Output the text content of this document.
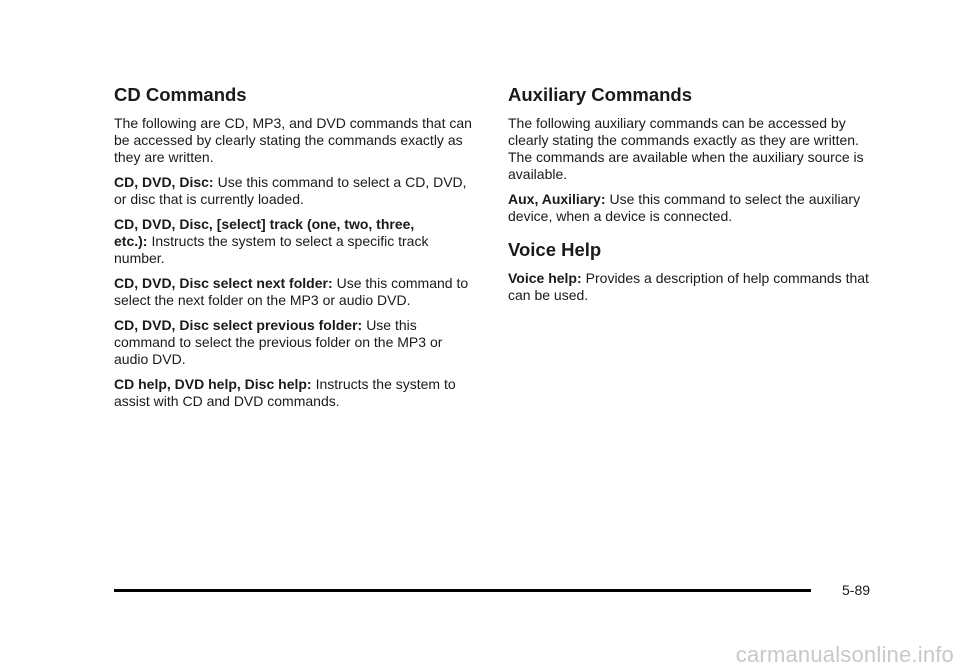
CD Commands

The following are CD, MP3, and DVD commands that can be accessed by clearly stating the commands exactly as they are written.

CD, DVD, Disc: Use this command to select a CD, DVD, or disc that is currently loaded.

CD, DVD, Disc, [select] track (one, two, three, etc.): Instructs the system to select a specific track number.

CD, DVD, Disc select next folder: Use this command to select the next folder on the MP3 or audio DVD.

CD, DVD, Disc select previous folder: Use this command to select the previous folder on the MP3 or audio DVD.

CD help, DVD help, Disc help: Instructs the system to assist with CD and DVD commands.

Auxiliary Commands

The following auxiliary commands can be accessed by clearly stating the commands exactly as they are written. The commands are available when the auxiliary source is available.

Aux, Auxiliary: Use this command to select the auxiliary device, when a device is connected.

Voice Help

Voice help: Provides a description of help commands that can be used.

5-89
carmanualsonline.info
